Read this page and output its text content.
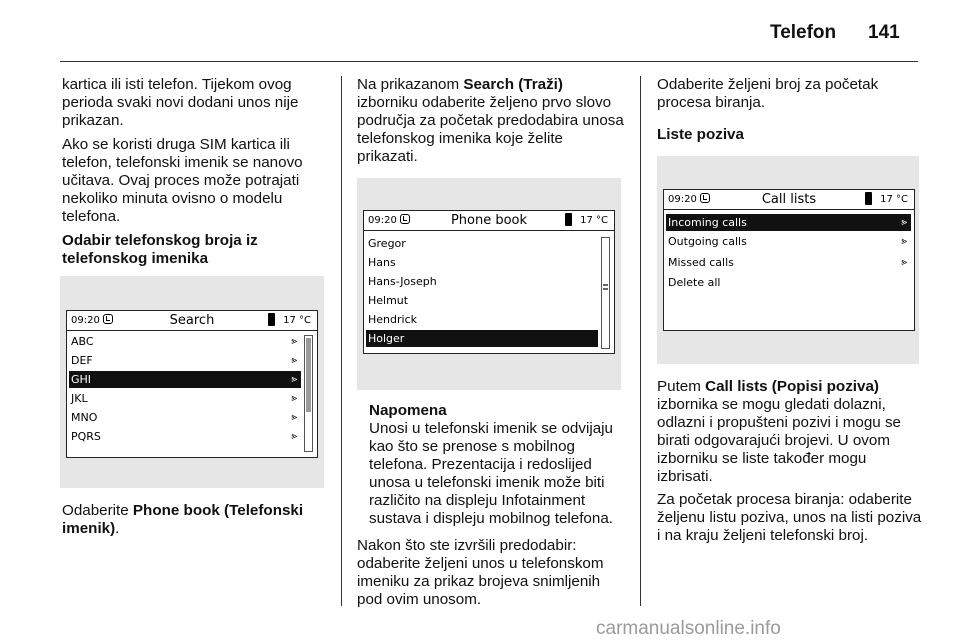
Telefon 141

kartica ili isti telefon. Tijekom ovog perioda svaki novi dodani unos nije prikazan.

Ako se koristi druga SIM kartica ili telefon, telefonski imenik se nanovo učitava. Ovaj proces može potrajati nekoliko minuta ovisno o modelu telefona.

Odabir telefonskog broja iz telefonskog imenika

09:20	Search	17 °C
ABC	⪢
DEF	⪢
GHI	⪢
JKL	⪢
MNO	⪢
PQRS	⪢

Odaberite Phone book (Telefonski imenik).

Na prikazanom Search (Traži) izborniku odaberite željeno prvo slovo područja za početak predodabira unosa telefonskog imenika koje želite prikazati.

09:20	Phone book	17 °C
Gregor
Hans
Hans-Joseph
Helmut
Hendrick
Holger
Napomena
Unosi u telefonski imenik se odvijaju kao što se prenose s mobilnog telefona. Prezentacija i redoslijed unosa u telefonski imenik može biti različito na displeju Infotainment sustava i displeju mobilnog telefona.

Nakon što ste izvršili predodabir: odaberite željeni unos u telefonskom imeniku za prikaz brojeva snimljenih pod ovim unosom.

Odaberite željeni broj za početak procesa biranja.

Liste poziva

09:20	Call lists	17 °C
Incoming calls	⪢
Outgoing calls	⪢
Missed calls	⪢
Delete all

Putem Call lists (Popisi poziva) izbornika se mogu gledati dolazni, odlazni i propušteni pozivi i mogu se birati odgovarajući brojevi. U ovom izborniku se liste također mogu izbrisati.

Za početak procesa biranja: odaberite željenu listu poziva, unos na listi poziva i na kraju željeni telefonski broj.

carmanualsonline.info
